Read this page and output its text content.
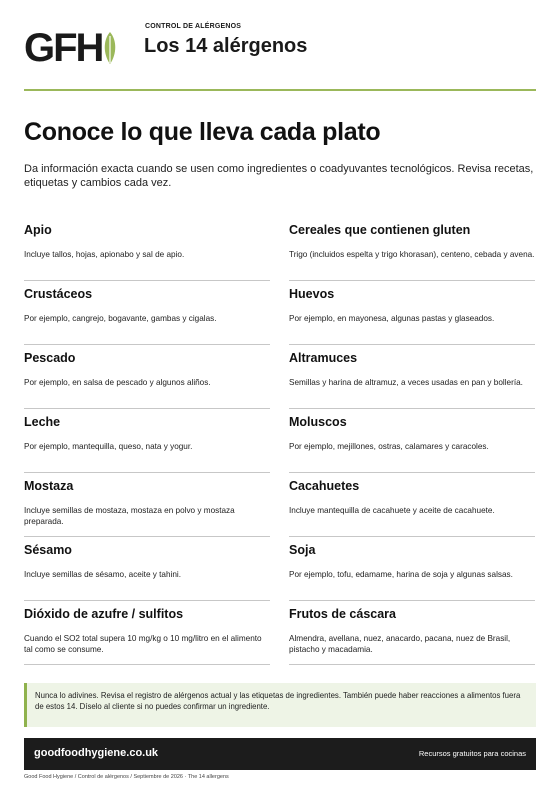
GFH	CONTROL DE ALÉRGENOS
Los 14 alérgenos
Conoce lo que lleva cada plato
Da información exacta cuando se usen como ingredientes o coadyuvantes tecnológicos. Revisa recetas, etiquetas y cambios cada vez.
Apio

Incluye tallos, hojas, apionabo y sal de apio.

Cereales que contienen gluten

Trigo (incluidos espelta y trigo khorasan), centeno, cebada y avena.

Crustáceos

Por ejemplo, cangrejo, bogavante, gambas y cigalas.

Huevos

Por ejemplo, en mayonesa, algunas pastas y glaseados.

Pescado

Por ejemplo, en salsa de pescado y algunos aliños.

Altramuces

Semillas y harina de altramuz, a veces usadas en pan y bollería.

Leche

Por ejemplo, mantequilla, queso, nata y yogur.

Moluscos

Por ejemplo, mejillones, ostras, calamares y caracoles.

Mostaza

Incluye semillas de mostaza, mostaza en polvo y mostaza preparada.

Cacahuetes

Incluye mantequilla de cacahuete y aceite de cacahuete.

Sésamo

Incluye semillas de sésamo, aceite y tahini.

Soja

Por ejemplo, tofu, edamame, harina de soja y algunas salsas.

Dióxido de azufre / sulfitos

Cuando el SO2 total supera 10 mg/kg o 10 mg/litro en el alimento tal como se consume.

Frutos de cáscara

Almendra, avellana, nuez, anacardo, pacana, nuez de Brasil, pistacho y macadamia.

Nunca lo adivines. Revisa el registro de alérgenos actual y las etiquetas de ingredientes. También puede haber reacciones a alimentos fuera de estos 14. Díselo al cliente si no puedes confirmar un ingrediente.

goodfoodhygiene.co.uk	Recursos gratuitos para cocinas
Good Food Hygiene / Control de alérgenos / Septiembre de 2026 · The 14 allergens
